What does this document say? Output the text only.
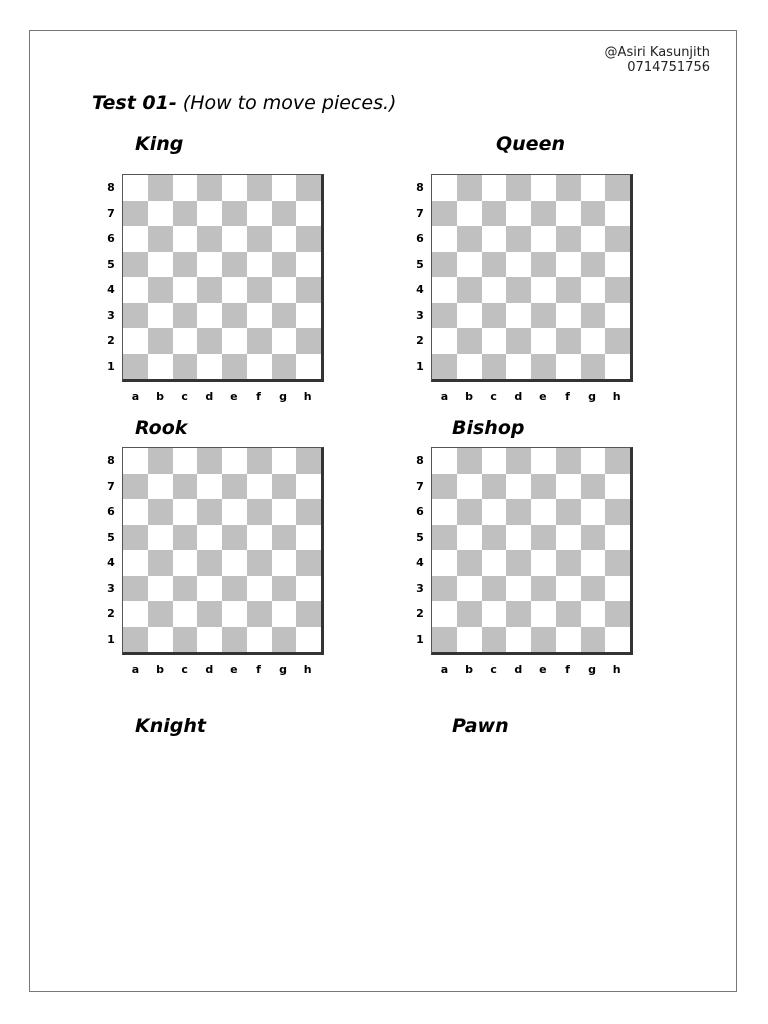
@Asiri Kasunjith
0714751756
Test 01- (How to move pieces.)
King	Queen
Rook	Bishop
Knight	Pawn
8
7
6
5
4
3
2
1
a	b	c	d	e	f	g	h
8
7
6
5
4
3
2
1
a	b	c	d	e	f	g	h
8
7
6
5
4
3
2
1
a	b	c	d	e	f	g	h
8
7
6
5
4
3
2
1
a	b	c	d	e	f	g	h
